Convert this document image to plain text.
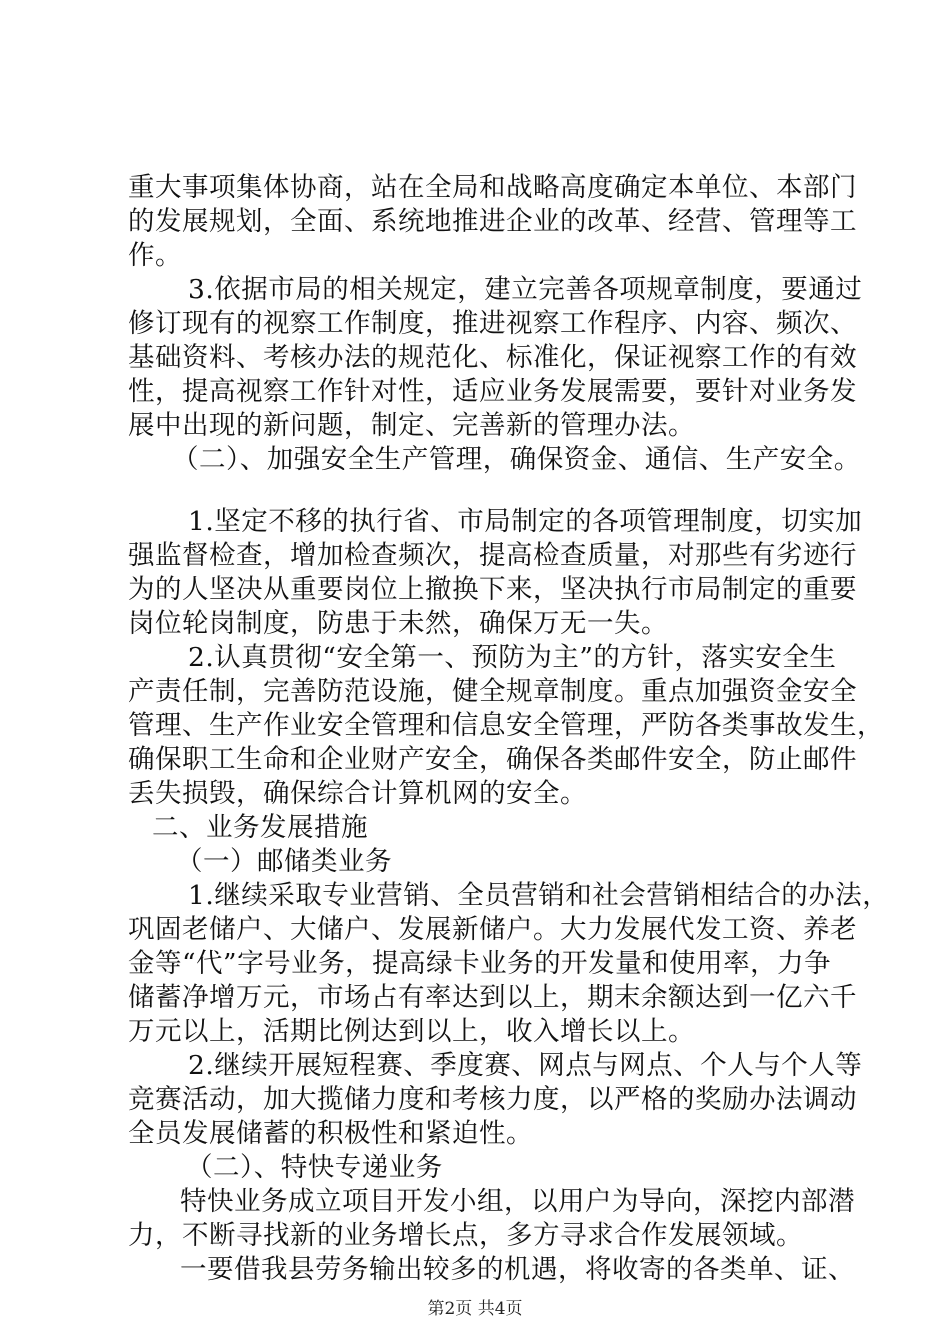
重大事项集体协商，站在全局和战略高度确定本单位、本部门
的发展规划，全面、系统地推进企业的改革、经营、管理等工
作。
3.依据市局的相关规定，建立完善各项规章制度，要通过
修订现有的视察工作制度，推进视察工作程序、内容、频次、
基础资料、考核办法的规范化、标准化，保证视察工作的有效
性，提高视察工作针对性，适应业务发展需要，要针对业务发
展中出现的新问题，制定、完善新的管理办法。
（二）、加强安全生产管理，确保资金、通信、生产安全。
1.坚定不移的执行省、市局制定的各项管理制度，切实加
强监督检查，增加检查频次，提高检查质量，对那些有劣迹行
为的人坚决从重要岗位上撤换下来，坚决执行市局制定的重要
岗位轮岗制度，防患于未然，确保万无一失。
2.认真贯彻“安全第一、预防为主”的方针，落实安全生
产责任制，完善防范设施，健全规章制度。重点加强资金安全
管理、生产作业安全管理和信息安全管理，严防各类事故发生，
确保职工生命和企业财产安全，确保各类邮件安全，防止邮件
丢失损毁，确保综合计算机网的安全。
二、业务发展措施
（一）邮储类业务
1.继续采取专业营销、全员营销和社会营销相结合的办法，
巩固老储户、大储户、发展新储户。大力发展代发工资、养老
金等“代”字号业务，提高绿卡业务的开发量和使用率，力争
储蓄净增万元，市场占有率达到以上，期末余额达到一亿六千
万元以上，活期比例达到以上，收入增长以上。
2.继续开展短程赛、季度赛、网点与网点、个人与个人等
竞赛活动，加大揽储力度和考核力度，以严格的奖励办法调动
全员发展储蓄的积极性和紧迫性。
（二）、特快专递业务
特快业务成立项目开发小组，以用户为导向，深挖内部潜
力，不断寻找新的业务增长点，多方寻求合作发展领域。
一要借我县劳务输出较多的机遇，将收寄的各类单、证、
第2页 共4页
